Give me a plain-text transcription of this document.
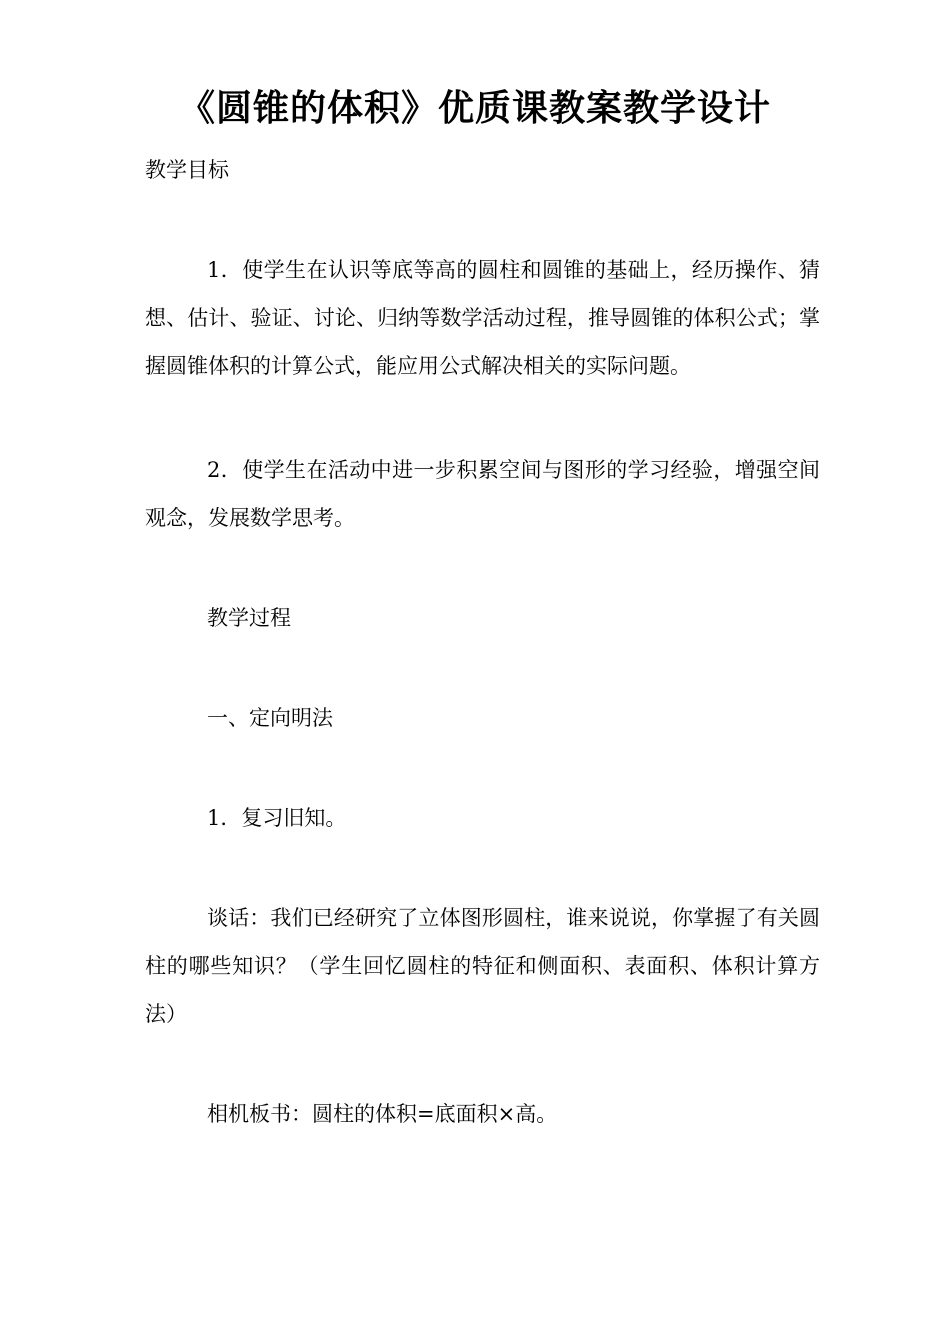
《圆锥的体积》优质课教案教学设计

教学目标

1．使学生在认识等底等高的圆柱和圆锥的基础上，经历操作、猜想、估计、验证、讨论、归纳等数学活动过程，推导圆锥的体积公式；掌握圆锥体积的计算公式，能应用公式解决相关的实际问题。

2．使学生在活动中进一步积累空间与图形的学习经验，增强空间观念，发展数学思考。

教学过程

一、定向明法

1．复习旧知。

谈话：我们已经研究了立体图形圆柱，谁来说说，你掌握了有关圆柱的哪些知识？（学生回忆圆柱的特征和侧面积、表面积、体积计算方法）

相机板书：圆柱的体积=底面积×高。
